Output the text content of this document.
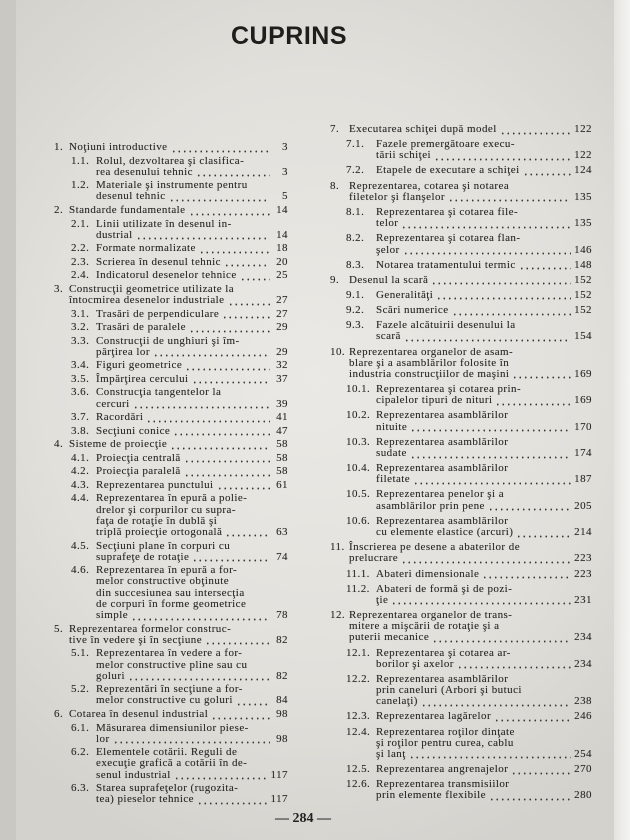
CUPRINS
1. Noţiuni introductive	3
1.1. Rolul, dezvoltarea şi clasifica-
rea desenului tehnic	3
1.2. Materiale şi instrumente pentru
desenul tehnic	5
2. Standarde fundamentale	14
2.1. Linii utilizate în desenul in-
dustrial	14
2.2. Formate normalizate	18
2.3. Scrierea în desenul tehnic	20
2.4. Indicatorul desenelor tehnice	25
3. Construcţii geometrice utilizate la
întocmirea desenelor industriale	27
3.1. Trasări de perpendiculare	27
3.2. Trasări de paralele	29
3.3. Construcţii de unghiuri şi îm-
părţirea lor	29
3.4. Figuri geometrice	32
3.5. Împărţirea cercului	37
3.6. Construcţia tangentelor la
cercuri	39
3.7. Racordări	41
3.8. Secţiuni conice	47
4. Sisteme de proiecţie	58
4.1. Proiecţia centrală	58
4.2. Proiecţia paralelă	58
4.3. Reprezentarea punctului	61
4.4. Reprezentarea în epură a polie-
drelor şi corpurilor cu supra-
faţa de rotaţie în dublă şi
triplă proiecţie ortogonală	63
4.5. Secţiuni plane în corpuri cu
suprafeţe de rotaţie	74
4.6. Reprezentarea în epură a for-
melor constructive obţinute
din succesiunea sau intersecţia
de corpuri în forme geometrice
simple	78
5. Reprezentarea formelor construc-
tive în vedere şi în secţiune	82
5.1. Reprezentarea în vedere a for-
melor constructive pline sau cu
goluri	82
5.2. Reprezentări în secţiune a for-
melor constructive cu goluri	84
6. Cotarea în desenul industrial	98
6.1. Măsurarea dimensiunilor piese-
lor	98
6.2. Elementele cotării. Reguli de
execuţie grafică a cotării în de-
senul industrial	117
6.3. Starea suprafeţelor (rugozita-
tea) pieselor tehnice	117
7. Executarea schiţei după model	122
7.1.	Fazele premergătoare execu-
tării schiţei	122
7.2.	Etapele de executare a schiţei	124
8. Reprezentarea, cotarea şi notarea
filetelor şi flanşelor	135
8.1.	Reprezentarea şi cotarea file-
telor	135
8.2.	Reprezentarea şi cotarea flan-
şelor	146
8.3.	Notarea tratamentului termic	148
9. Desenul la scară	152
9.1.	Generalităţi	152
9.2.	Scări numerice	152
9.3.	Fazele alcătuirii desenului la
scară	154
10. Reprezentarea organelor de asam-
blare şi a asamblărilor folosite în
industria construcţiilor de maşini	169
10.1. Reprezentarea şi cotarea prin-
cipalelor tipuri de nituri	169
10.2. Reprezentarea asamblărilor
nituite	170
10.3. Reprezentarea asamblărilor
sudate	174
10.4. Reprezentarea asamblărilor
filetate	187
10.5. Reprezentarea penelor şi a
asamblărilor prin pene	205
10.6. Reprezentarea asamblărilor
cu elemente elastice (arcuri)	214
11. Înscrierea pe desene a abaterilor de
prelucrare	223
11.1. Abateri dimensionale	223
11.2. Abateri de formă şi de pozi-
ţie	231
12. Reprezentarea organelor de trans-
mitere a mişcării de rotaţie şi a
puterii mecanice	234
12.1. Reprezentarea şi cotarea ar-
borilor şi axelor	234
12.2. Reprezentarea asamblărilor
prin caneluri (Arbori şi butuci
canelaţi)	238
12.3. Reprezentarea lagărelor	246
12.4. Reprezentarea roţilor dinţate
şi roţilor pentru curea, cablu
şi lanţ	254
12.5. Reprezentarea angrenajelor	270
12.6. Reprezentarea transmisiilor
prin elemente flexibile	280
— 284 —
